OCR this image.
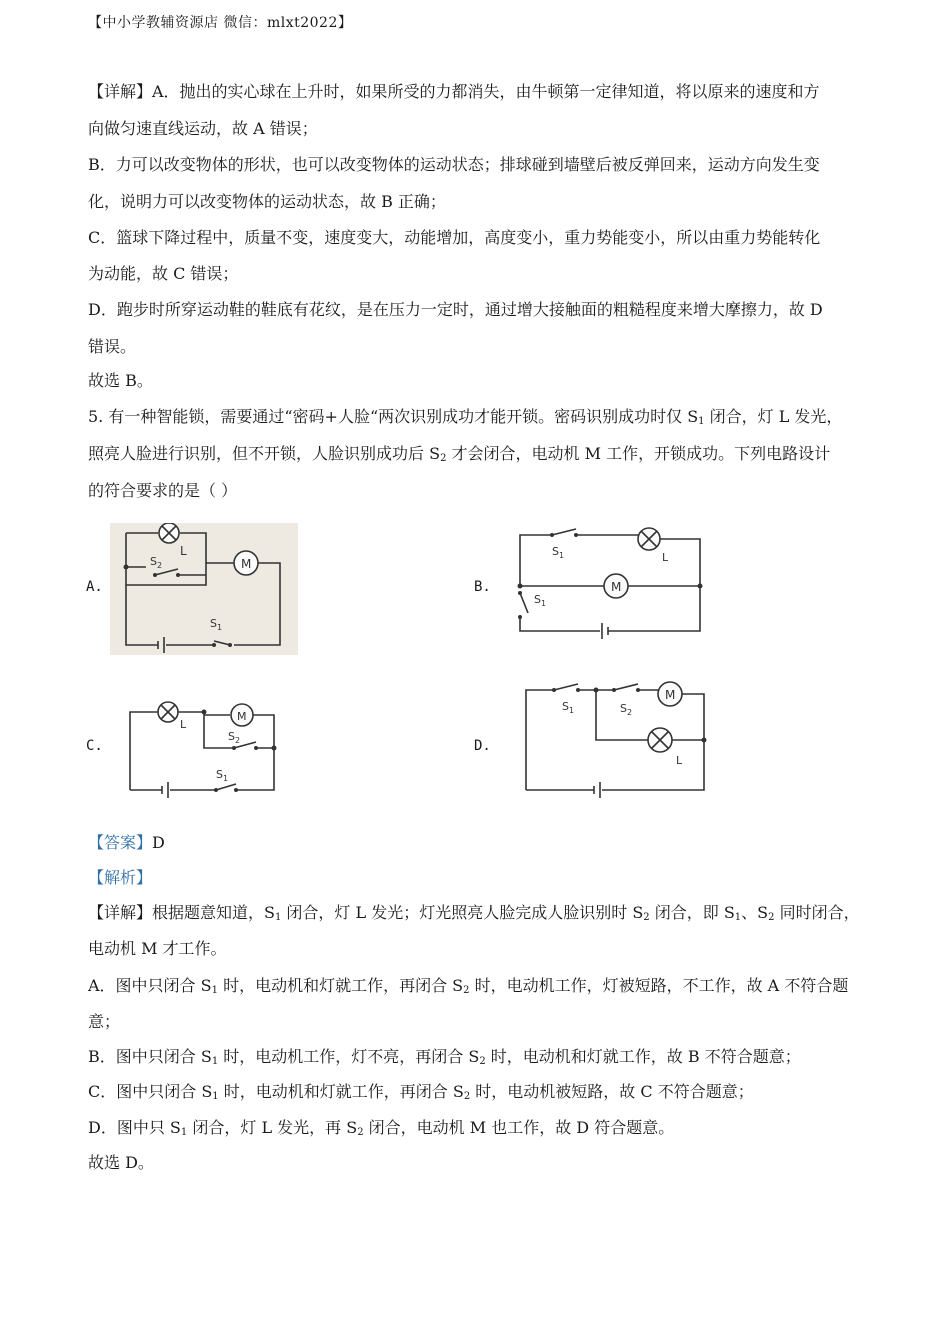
【中小学教辅资源店 微信：mlxt2022】
【详解】A．抛出的实心球在上升时，如果所受的力都消失，由牛顿第一定律知道，将以原来的速度和方
向做匀速直线运动，故 A 错误；
B．力可以改变物体的形状，也可以改变物体的运动状态；排球碰到墙壁后被反弹回来，运动方向发生变
化，说明力可以改变物体的运动状态，故 B 正确；
C．篮球下降过程中，质量不变，速度变大，动能增加，高度变小，重力势能变小，所以由重力势能转化
为动能，故 C 错误；
D．跑步时所穿运动鞋的鞋底有花纹，是在压力一定时，通过增大接触面的粗糙程度来增大摩擦力，故 D
错误。
故选 B。
5. 有一种智能锁，需要通过“密码+人脸“两次识别成功才能开锁。密码识别成功时仅 $S_1$ 闭合，灯 L 发光，
照亮人脸进行识别，但不开锁，人脸识别成功后 $S_2$ 才会闭合，电动机 M 工作，开锁成功。下列电路设计
的符合要求的是（ ）
A.	B.
C.	D.
L
$S_2$	M
$S_1$
$S_1$	L
M
$S_1$
L
M
$S_2$
$S_1$
$S_1$	$S_2$
M
L
【答案】D
【解析】
【详解】根据题意知道，$S_1$ 闭合，灯 L 发光；灯光照亮人脸完成人脸识别时 $S_2$ 闭合，即 $S_1$、$S_2$ 同时闭合，
电动机 M 才工作。
A．图中只闭合 $S_1$ 时，电动机和灯就工作，再闭合 $S_2$ 时，电动机工作，灯被短路，不工作，故 A 不符合题
意；
B．图中只闭合 $S_1$ 时，电动机工作，灯不亮，再闭合 $S_2$ 时，电动机和灯就工作，故 B 不符合题意；
C．图中只闭合 $S_1$ 时，电动机和灯就工作，再闭合 $S_2$ 时，电动机被短路，故 C 不符合题意；
D．图中只 $S_1$ 闭合，灯 L 发光，再 $S_2$ 闭合，电动机 M 也工作，故 D 符合题意。
故选 D。
